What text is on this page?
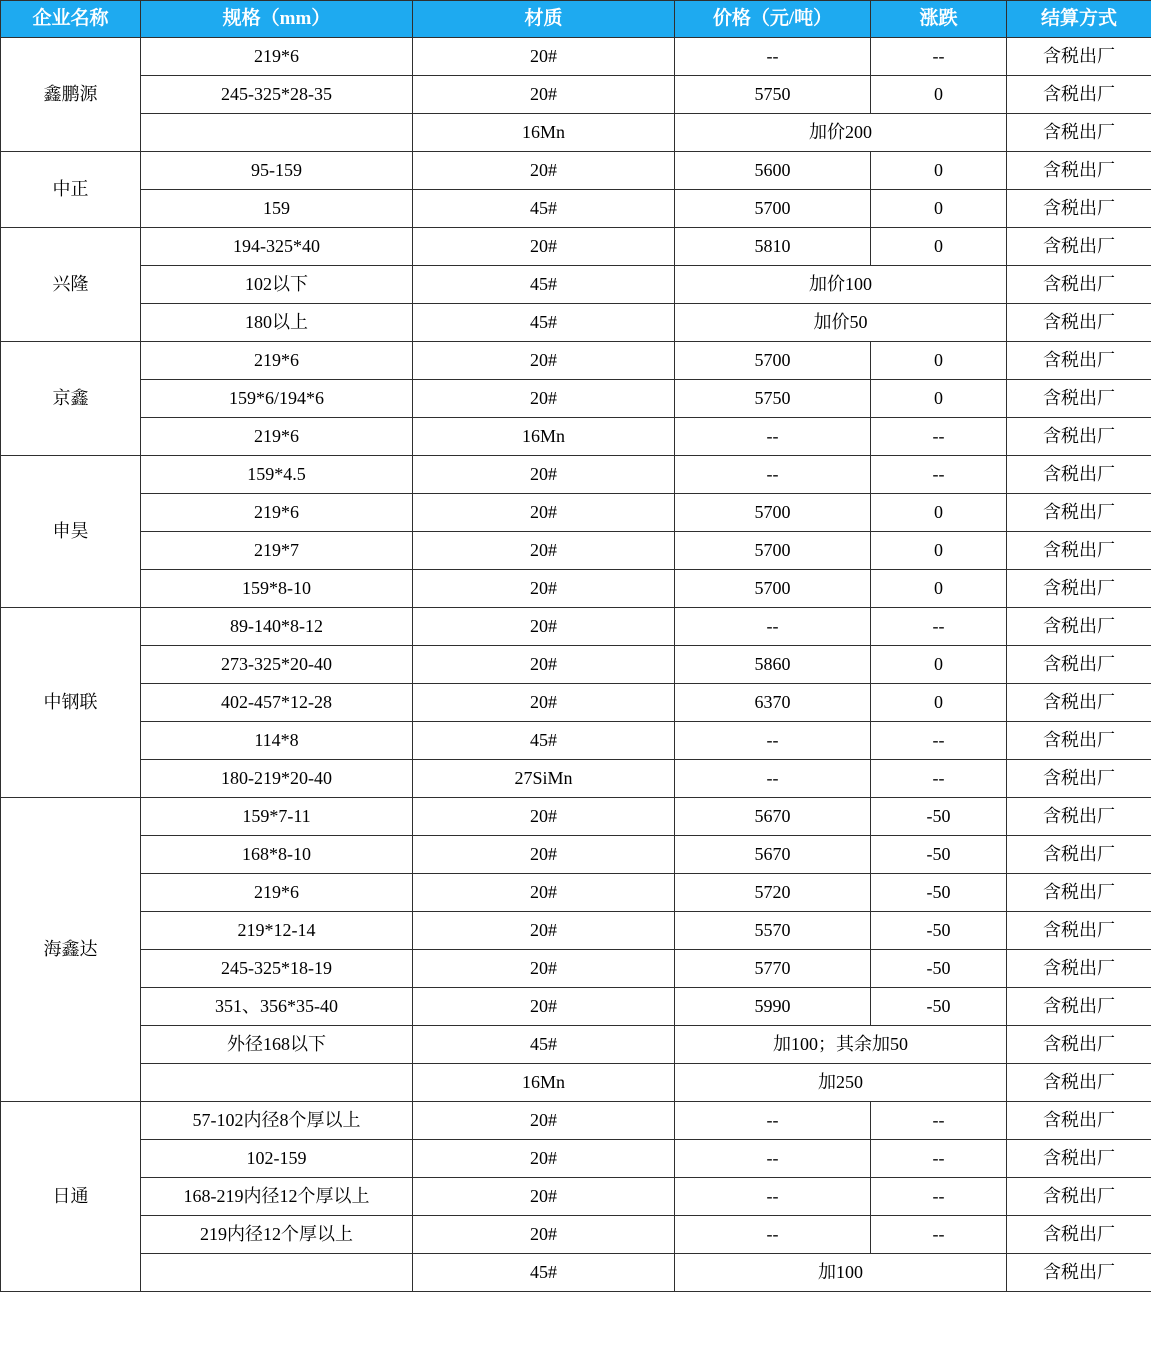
企业名称	规格（mm）	材质	价格（元/吨）	涨跌	结算方式
鑫鹏源	219*6	20#	--	--	含税出厂
	245-325*28-35	20#	5750	0	含税出厂
		16Mn	加价200		含税出厂
中正	95-159	20#	5600	0	含税出厂
	159	45#	5700	0	含税出厂
兴隆	194-325*40	20#	5810	0	含税出厂
	102以下	45#	加价100		含税出厂
	180以上	45#	加价50		含税出厂
京鑫	219*6	20#	5700	0	含税出厂
	159*6/194*6	20#	5750	0	含税出厂
	219*6	16Mn	--	--	含税出厂
申昊	159*4.5	20#	--	--	含税出厂
	219*6	20#	5700	0	含税出厂
	219*7	20#	5700	0	含税出厂
	159*8-10	20#	5700	0	含税出厂
中钢联	89-140*8-12	20#	--	--	含税出厂
	273-325*20-40	20#	5860	0	含税出厂
	402-457*12-28	20#	6370	0	含税出厂
	114*8	45#	--	--	含税出厂
	180-219*20-40	27SiMn	--	--	含税出厂
海鑫达	159*7-11	20#	5670	-50	含税出厂
	168*8-10	20#	5670	-50	含税出厂
	219*6	20#	5720	-50	含税出厂
	219*12-14	20#	5570	-50	含税出厂
	245-325*18-19	20#	5770	-50	含税出厂
	351、356*35-40	20#	5990	-50	含税出厂
	外径168以下	45#	加100；其余加50		含税出厂
		16Mn	加250		含税出厂
日通	57-102内径8个厚以上	20#	--	--	含税出厂
	102-159	20#	--	--	含税出厂
	168-219内径12个厚以上	20#	--	--	含税出厂
	219内径12个厚以上	20#	--	--	含税出厂
		45#	加100		含税出厂
